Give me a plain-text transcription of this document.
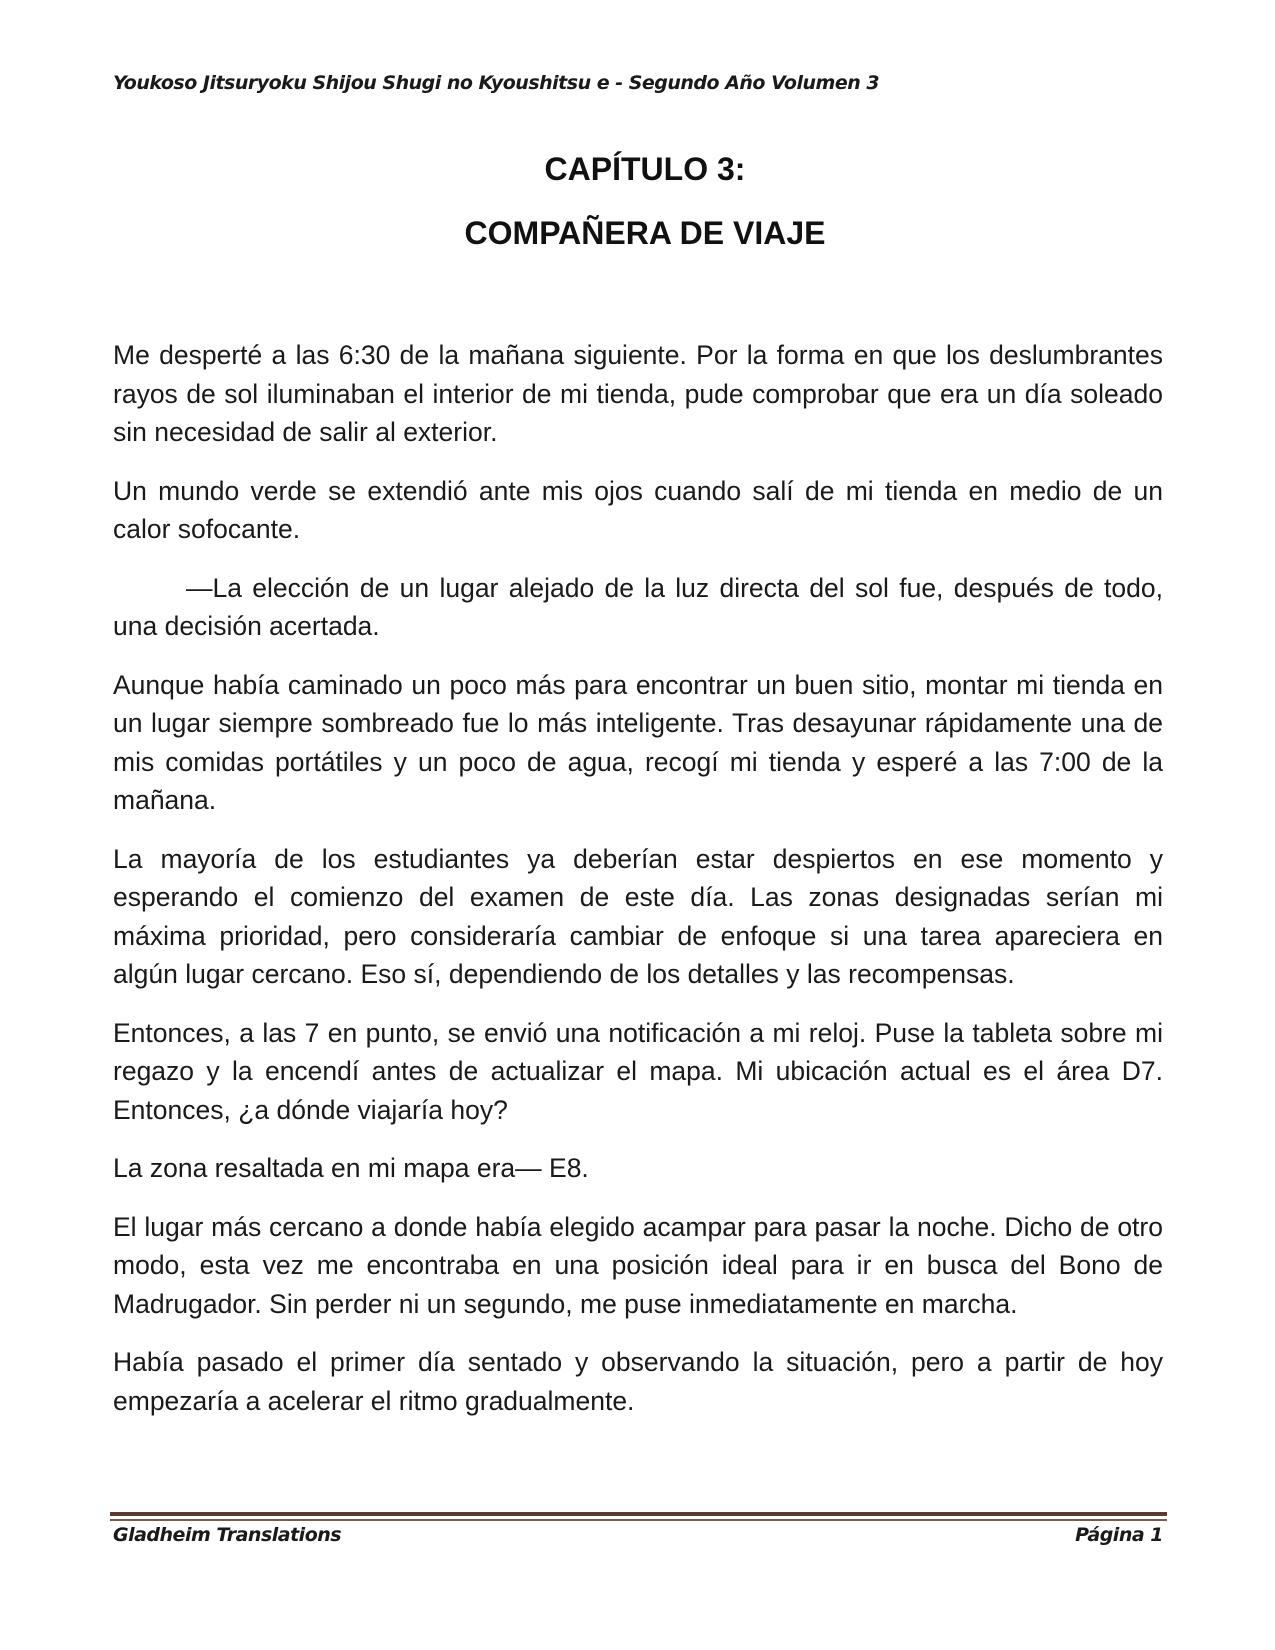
Youkoso Jitsuryoku Shijou Shugi no Kyoushitsu e - Segundo Año Volumen 3
CAPÍTULO 3:
COMPAÑERA DE VIAJE

Me desperté a las 6:30 de la mañana siguiente. Por la forma en que los deslumbrantes rayos de sol iluminaban el interior de mi tienda, pude comprobar que era un día soleado sin necesidad de salir al exterior.

Un mundo verde se extendió ante mis ojos cuando salí de mi tienda en medio de un calor sofocante.

—La elección de un lugar alejado de la luz directa del sol fue, después de todo, una decisión acertada.

Aunque había caminado un poco más para encontrar un buen sitio, montar mi tienda en un lugar siempre sombreado fue lo más inteligente. Tras desayunar rápidamente una de mis comidas portátiles y un poco de agua, recogí mi tienda y esperé a las 7:00 de la mañana.

La mayoría de los estudiantes ya deberían estar despiertos en ese momento y esperando el comienzo del examen de este día. Las zonas designadas serían mi máxima prioridad, pero consideraría cambiar de enfoque si una tarea apareciera en algún lugar cercano. Eso sí, dependiendo de los detalles y las recompensas.

Entonces, a las 7 en punto, se envió una notificación a mi reloj. Puse la tableta sobre mi regazo y la encendí antes de actualizar el mapa. Mi ubicación actual es el área D7. Entonces, ¿a dónde viajaría hoy?

La zona resaltada en mi mapa era— E8.

El lugar más cercano a donde había elegido acampar para pasar la noche. Dicho de otro modo, esta vez me encontraba en una posición ideal para ir en busca del Bono de Madrugador. Sin perder ni un segundo, me puse inmediatamente en marcha.

Había pasado el primer día sentado y observando la situación, pero a partir de hoy empezaría a acelerar el ritmo gradualmente.

Gladheim Translations	Página 1
